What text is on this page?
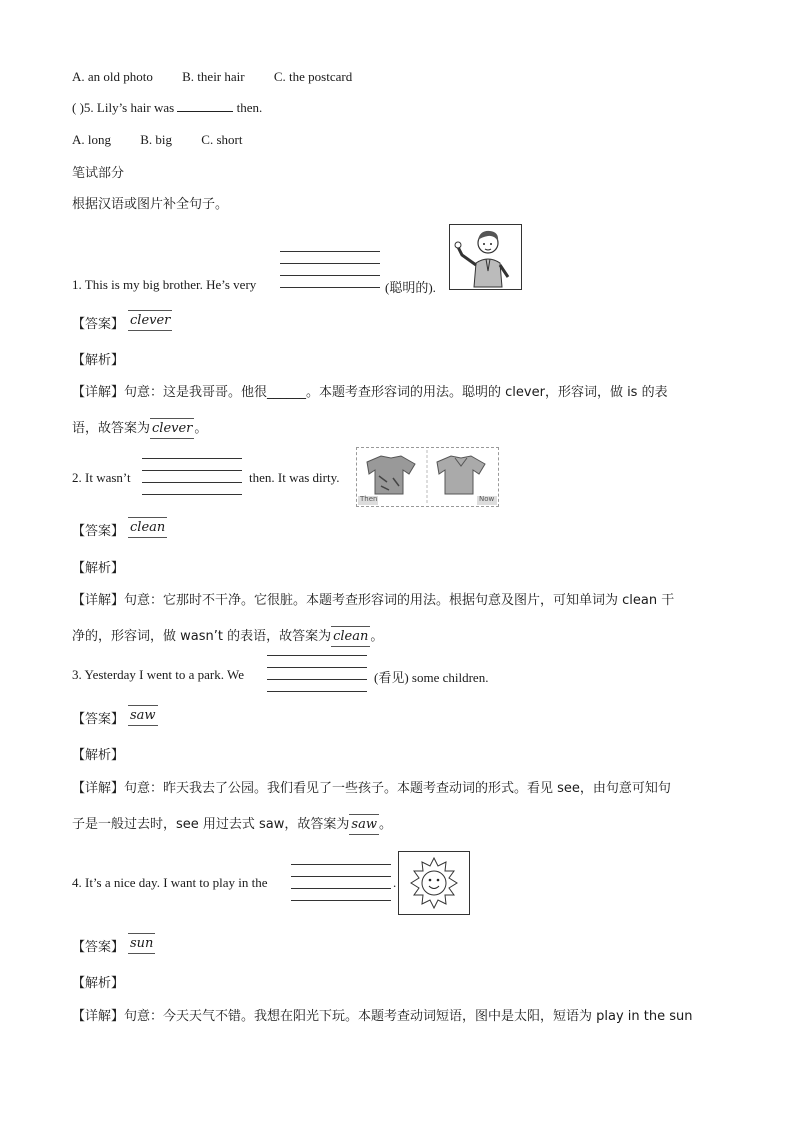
A. an old photo B. their hair C. the postcard
( )5. Lily’s hair was	then.
A. long B. big C. short
笔试部分
根据汉语或图片补全句子。
1. This is my big brother. He’s very	(聪明的).
【答案】 clever
【解析】
【详解】句意：这是我哥哥。他很______。本题考查形容词的用法。聪明的 clever，形容词，做 is 的表
语，故答案为 clever 。
2. It wasn’t	then. It was dirty.
Then	Now
【答案】 clean
【解析】
【详解】句意：它那时不干净。它很脏。本题考查形容词的用法。根据句意及图片，可知单词为 clean 干
净的，形容词，做 wasn’t 的表语，故答案为 clean 。
3. Yesterday I went to a park. We	(看见) some children.
【答案】 saw
【解析】
【详解】句意：昨天我去了公园。我们看见了一些孩子。本题考查动词的形式。看见 see，由句意可知句
子是一般过去时，see 用过去式 saw，故答案为 saw 。
4. It’s a nice day. I want to play in the	.
【答案】 sun
【解析】
【详解】句意：今天天气不错。我想在阳光下玩。本题考查动词短语，图中是太阳，短语为 play in the sun
